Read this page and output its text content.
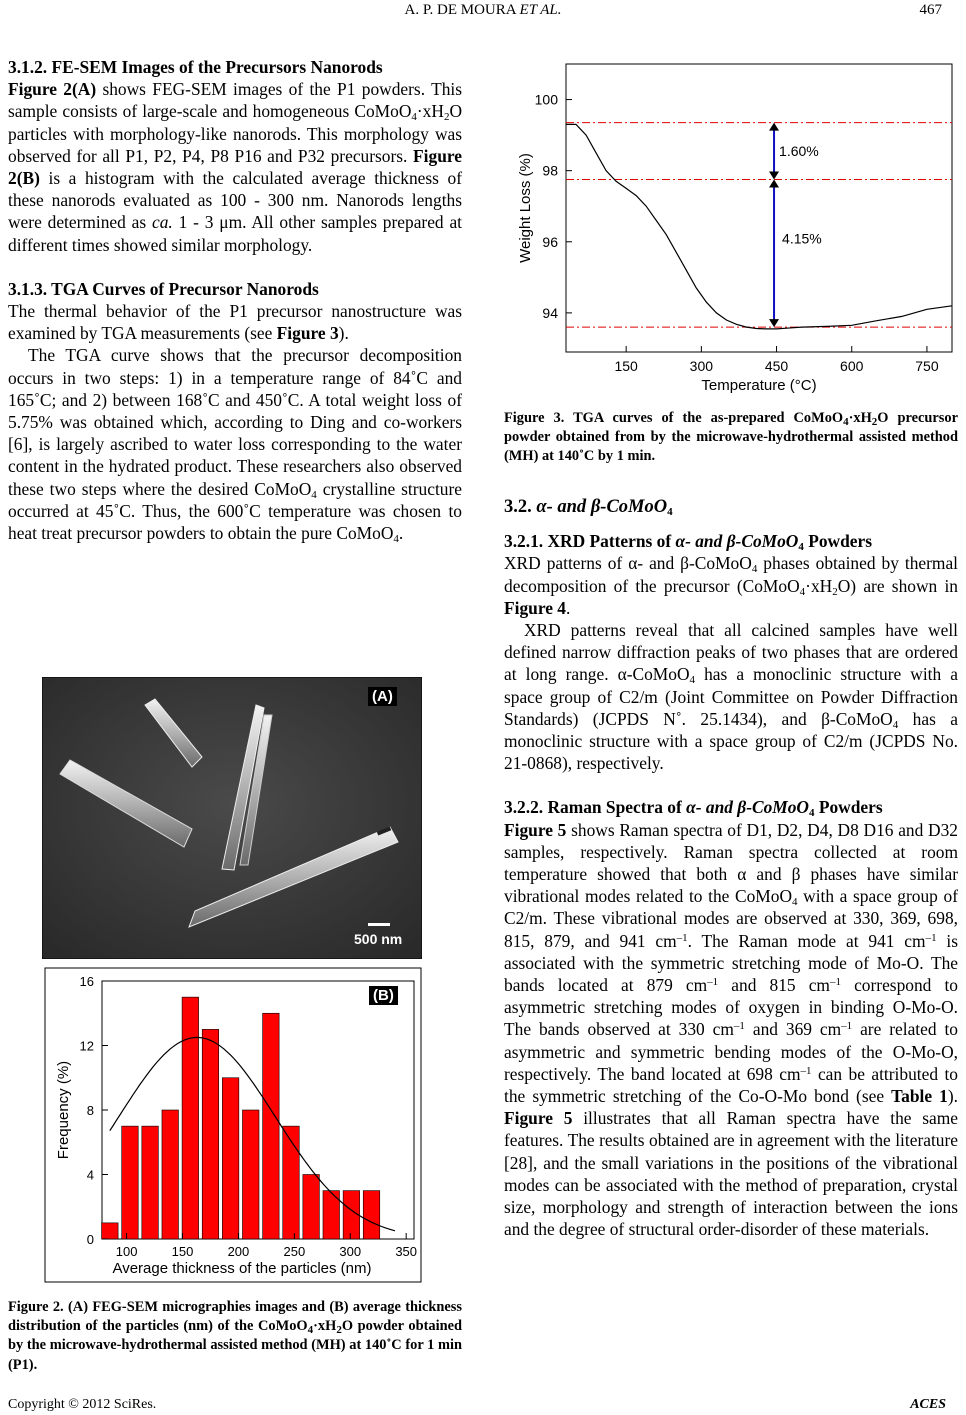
A. P. DE MOURA ET AL.	467
3.1.2. FE-SEM Images of the Precursors Nanorods

Figure 2(A) shows FEG-SEM images of the P1 powders. This sample consists of large-scale and homogeneous $CoMoO_4\cdot xH_2O$ particles with morphology-like nanorods. This morphology was observed for all P1, P2, P4, P8 P16 and P32 precursors. Figure 2(B) is a histogram with the calculated average thickness of these nanorods evaluated as 100 - 300 nm. Nanorods lengths were determined as ca. 1 - 3 μm. All other samples prepared at different times showed similar morphology.

3.1.3. TGA Curves of Precursor Nanorods

The thermal behavior of the P1 precursor nanostructure was examined by TGA measurements (see Figure 3).

The TGA curve shows that the precursor decomposition occurs in two steps: 1) in a temperature range of 84˚C and 165˚C; and 2) between 168˚C and 450˚C. A total weight loss of 5.75% was obtained which, according to Ding and co-workers [6], is largely ascribed to water loss corresponding to the water content in the hydrated product. These researchers also observed these two steps where the desired CoMoO$_4$ crystalline structure occurred at 45˚C. Thus, the 600˚C temperature was chosen to heat treat precursor powders to obtain the pure CoMoO$_4$.

(A)
500 nm
100	150	200	250	300	350
0
4
8
12
16
Average thickness of the particles (nm)
Frequency (%)
(B)
Figure 2. (A) FEG-SEM micrographies images and (B) average thickness distribution of the particles (nm) of the $CoMoO_4\cdot xH_2O$ powder obtained by the microwave-hydrothermal assisted method (MH) at 140˚C for 1 min (P1).
150	300	450	600	750
94
96
98
100
Temperature (°C)
Weight Loss (%)
1.60%
4.15%
Figure 3. TGA curves of the as-prepared $CoMoO_4\cdot xH_2O$ precursor powder obtained from by the microwave-hydrothermal assisted method (MH) at 140˚C by 1 min.
3.2. α- and β-CoMoO$_4$
3.2.1. XRD Patterns of α- and β-CoMoO$_4$ Powders

XRD patterns of α- and β-CoMoO$_4$ phases obtained by thermal decomposition of the precursor $(CoMoO_4\cdot xH_2O)$ are shown in Figure 4.

XRD patterns reveal that all calcined samples have well defined narrow diffraction peaks of two phases that are ordered at long range. α-CoMoO$_4$ has a monoclinic structure with a space group of C2/m (Joint Committee on Powder Diffraction Standards) (JCPDS N˚. 25.1434), and β-CoMoO$_4$ has a monoclinic structure with a space group of C2/m (JCPDS No. 21-0868), respectively.

3.2.2. Raman Spectra of α- and β-CoMoO$_4$ Powders

Figure 5 shows Raman spectra of D1, D2, D4, D8 D16 and D32 samples, respectively. Raman spectra collected at room temperature showed that both α and β phases have similar vibrational modes related to the CoMoO$_4$ with a space group of C2/m. These vibrational modes are observed at 330, 369, 698, 815, 879, and 941 $cm^{-1}$. The Raman mode at 941 $cm^{-1}$ is associated with the symmetric stretching mode of Mo-O. The bands located at 879 $cm^{-1}$ and 815 $cm^{-1}$ correspond to asymmetric stretching modes of oxygen in binding O-Mo-O. The bands observed at 330 $cm^{-1}$ and 369 $cm^{-1}$ are related to asymmetric and symmetric bending modes of the O-Mo-O, respectively. The band located at 698 $cm^{-1}$ can be attributed to the symmetric stretching of the Co-O-Mo bond (see Table 1). Figure 5 illustrates that all Raman spectra have the same features. The results obtained are in agreement with the literature [28], and the small variations in the positions of the vibrational modes can be associated with the method of preparation, crystal size, morphology and strength of interaction between the ions and the degree of structural order-disorder of these materials.

Copyright © 2012 SciRes.	ACES
